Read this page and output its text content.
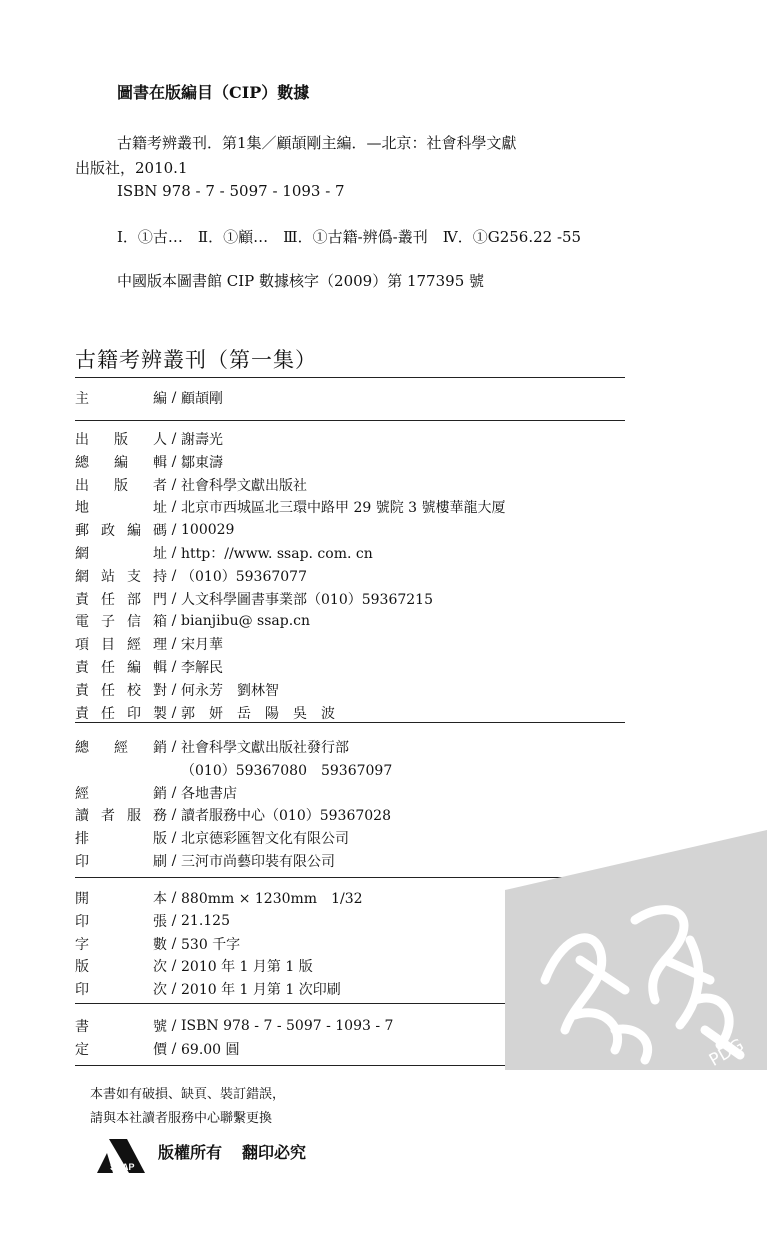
圖書在版編目（CIP）數據
古籍考辨叢刊．第1集／顧頡剛主編．—北京：社會科學文獻
出版社，2010.1
ISBN 978 - 7 - 5097 - 1093 - 7
Ⅰ．①古…　Ⅱ．①顧…　Ⅲ．①古籍-辨僞-叢刊　Ⅳ．①G256.22 -55
中國版本圖書館 CIP 數據核字（2009）第 177395 號
古籍考辨叢刊（第一集）
主　　編 / 顧頡剛
出 版 人 / 謝壽光
總 編 輯 / 鄒東濤
出 版 者 / 社會科學文獻出版社
地　　址 / 北京市西城區北三環中路甲 29 號院 3 號樓華龍大厦
郵政編碼 / 100029
網　　址 / http：//www. ssap. com. cn
網站支持 / （010）59367077
責任部門 / 人文科學圖書事業部（010）59367215
電子信箱 / bianjibu@ ssap.cn
項目經理 / 宋月華
責任編輯 / 李解民
責任校對 / 何永芳　劉林智
責任印製 / 郭　妍　岳　陽　吳　波
總 經 銷 / 社會科學文獻出版社發行部
（010）59367080　59367097
經　　銷 / 各地書店
讀者服務 / 讀者服務中心（010）59367028
排　　版 / 北京德彩匯智文化有限公司
印　　刷 / 三河市尚藝印裝有限公司
開　　本 / 880mm × 1230mm　1/32
印　　張 / 21.125
字　　數 / 530 千字
版　　次 / 2010 年 1 月第 1 版
印　　次 / 2010 年 1 月第 1 次印刷
書　　號 / ISBN 978 - 7 - 5097 - 1093 - 7
定　　價 / 69.00 圓
本書如有破損、缺頁、裝訂錯誤，
請與本社讀者服務中心聯繫更換
SSAP
版權所有 翻印必究
PDG
